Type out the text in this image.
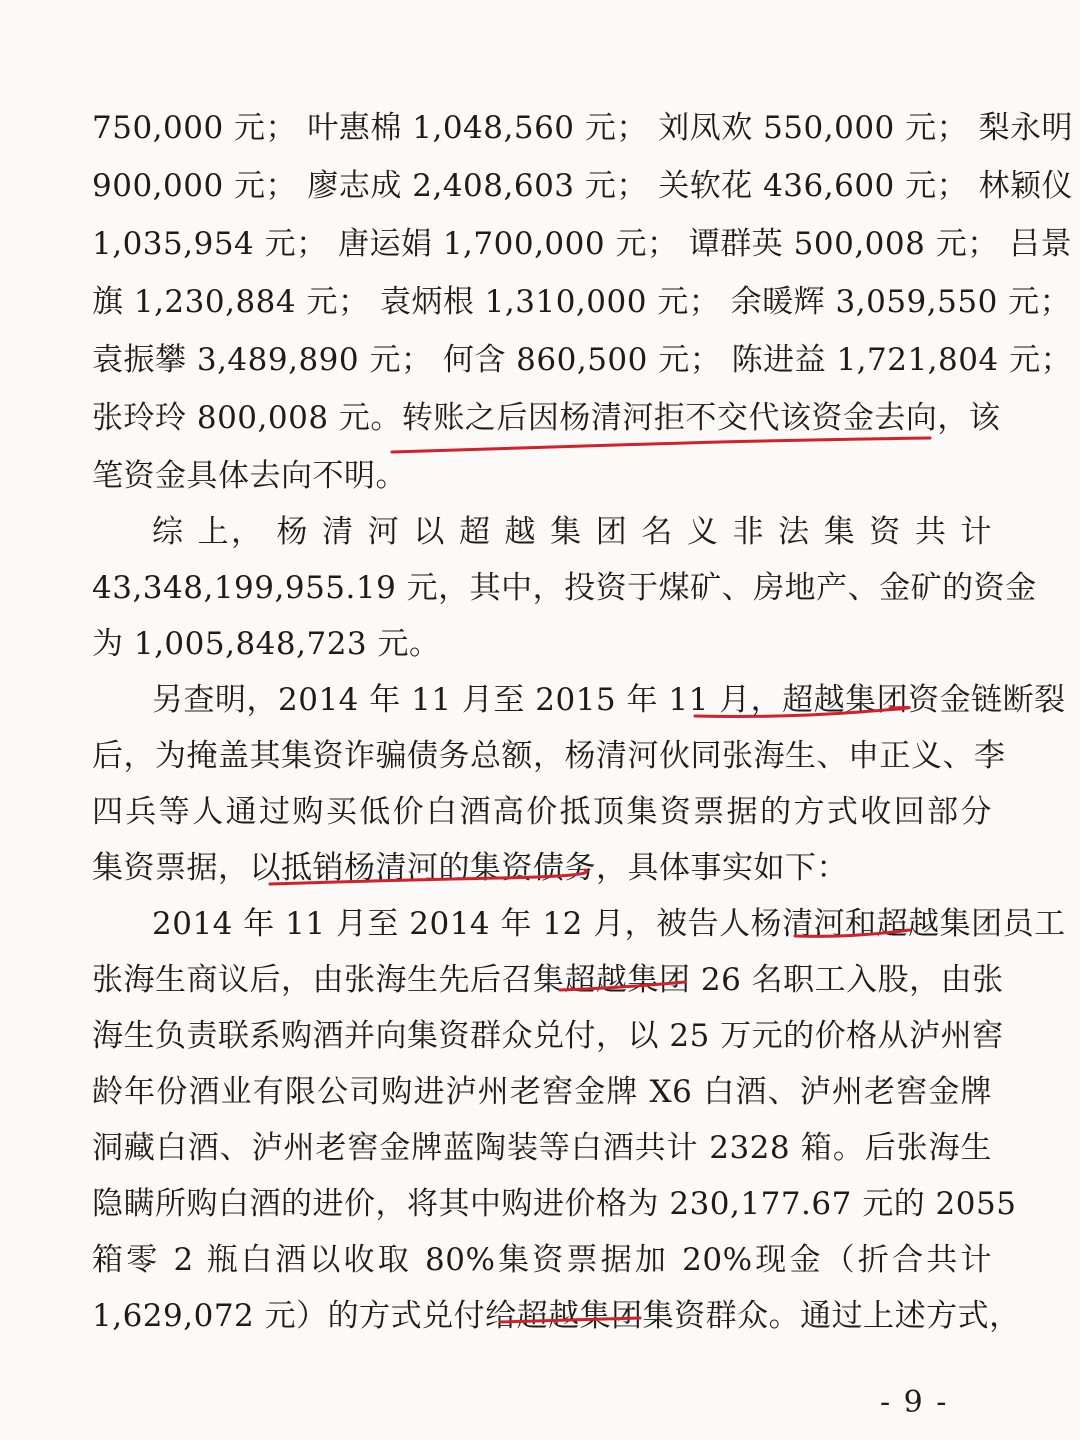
750,000 元； 叶惠棉 1,048,560 元； 刘凤欢 550,000 元； 梨永明
900,000 元； 廖志成 2,408,603 元； 关软花 436,600 元； 林颖仪
1,035,954 元； 唐运娟 1,700,000 元； 谭群英 500,008 元； 吕景
旗 1,230,884 元； 袁炳根 1,310,000 元； 余暖辉 3,059,550 元；
袁振攀 3,489,890 元； 何含 860,500 元； 陈进益 1,721,804 元；
张玲玲 800,008 元。转账之后因杨清河拒不交代该资金去向，该
笔资金具体去向不明。
综 上， 杨 清 河 以 超 越 集 团 名 义 非 法 集 资 共 计
43,348,199,955.19 元，其中，投资于煤矿、房地产、金矿的资金
为 1,005,848,723 元。
另查明，2014 年 11 月至 2015 年 11 月，超越集团资金链断裂
后，为掩盖其集资诈骗债务总额，杨清河伙同张海生、申正义、李
四兵等人通过购买低价白酒高价抵顶集资票据的方式收回部分
集资票据，以抵销杨清河的集资债务，具体事实如下：
2014 年 11 月至 2014 年 12 月，被告人杨清河和超越集团员工
张海生商议后，由张海生先后召集超越集团 26 名职工入股，由张
海生负责联系购酒并向集资群众兑付，以 25 万元的价格从泸州窖
龄年份酒业有限公司购进泸州老窖金牌 X6 白酒、泸州老窖金牌
洞藏白酒、泸州老窖金牌蓝陶装等白酒共计 2328 箱。后张海生
隐瞒所购白酒的进价，将其中购进价格为 230,177.67 元的 2055
箱零 2 瓶白酒以收取 80%集资票据加 20%现金（折合共计
1,629,072 元）的方式兑付给超越集团集资群众。通过上述方式，
- 9 -
